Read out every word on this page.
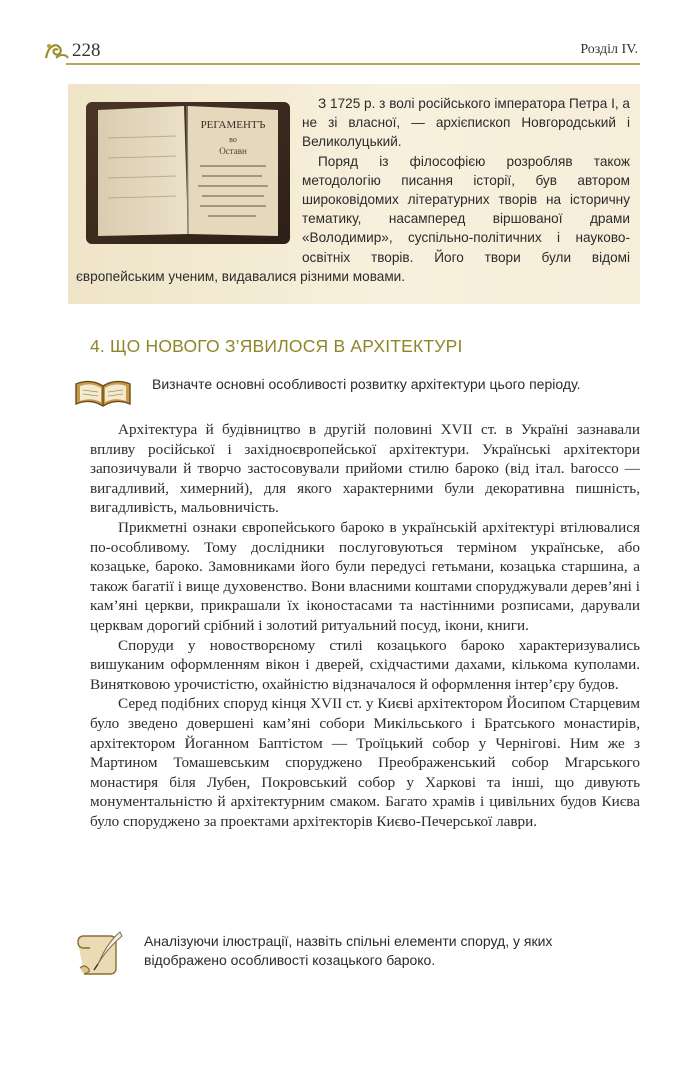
228	Розділ IV.
РЕГАМЕНТЪ
во
Оставн

З 1725 р. з волі російського імператора Петра I, а не зі власної, — архієпископ Новгородський і Великолуцький.

Поряд із філософією розробляв також методологію писання історії, був автором широковідомих літературних творів на історичну тематику, насамперед віршованої драми «Володимир», суспільно-політичних і науково-освітніх творів. Його твори були відомі європейським ученим, видавалися різними мовами.

4. ЩО НОВОГО З’ЯВИЛОСЯ В АРХІТЕКТУРІ
Визначте основні особливості розвитку архітектури цього періоду.

Архітектура й будівництво в другій половині XVII ст. в Україні зазнавали впливу російської і західноєвропейської архітектури. Українські архітектори запозичували й творчо застосовували прийоми стилю бароко (від італ. barocco — вигадливий, химерний), для якого характерними були декоративна пишність, вигадливість, мальовничість.

Прикметні ознаки європейського бароко в українській архітектурі втілювалися по-особливому. Тому дослідники послуговуються терміном українське, або козацьке, бароко. Замовниками його були передусі гетьмани, козацька старшина, а також багатії і вище духовенство. Вони власними коштами споруджували дерев’яні і кам’яні церкви, прикрашали їх іконостасами та настінними розписами, дарували церквам дорогий срібний і золотий ритуальний посуд, ікони, книги.

Споруди у новостворєному стилі козацького бароко характеризувались вишуканим оформленням вікон і дверей, східчастими дахами, кількома куполами. Винятковою урочистістю, охайністю відзначалося й оформлення інтер’єру будов.

Серед подібних споруд кінця XVII ст. у Києві архітектором Йосипом Старцевим було зведено довершені кам’яні собори Микільського і Братського монастирів, архітектором Йоганном Баптістом — Троїцький собор у Чернігові. Ним же з Мартином Томашевським споруджено Преображенський собор Мгарського монастиря біля Лубен, Покровський собор у Харкові та інші, що дивують монументальністю й архітектурним смаком. Багато храмів і цивільних будов Києва було споруджено за проектами архітекторів Києво-Печерської лаври.

Аналізуючи ілюстрації, назвіть спільні елементи споруд, у яких відображено особливості козацького бароко.
